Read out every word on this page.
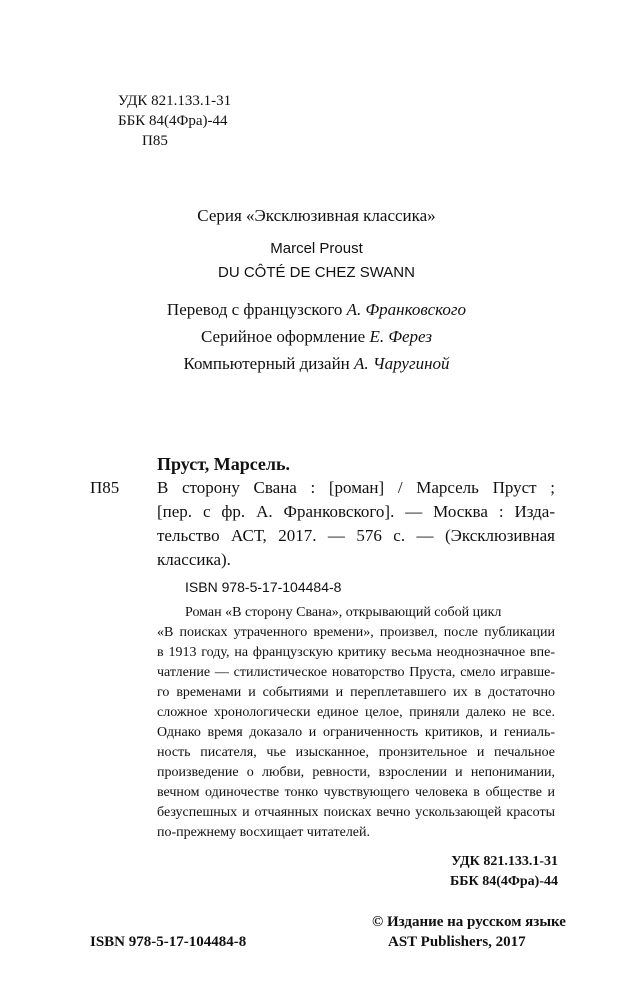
УДК 821.133.1-31
ББК 84(4Фра)-44
П85
Серия «Эксклюзивная классика»
Marcel Proust
DU CÔTÉ DE CHEZ SWANN
Перевод с французского А. Франковского
Серийное оформление Е. Ферез
Компьютерный дизайн А. Чаругиной
Пруст, Марсель.
П85 В сторону Свана : [роман] / Марсель Пруст ;
[пер. с фр. А. Франковского]. — Москва : Изда-
тельство АСТ, 2017. — 576 с. — (Эксклюзивная
классика).
ISBN 978-5-17-104484-8
Роман «В сторону Свана», открывающий собой цикл
«В поисках утраченного времени», произвел, после публикации
в 1913 году, на французскую критику весьма неоднозначное впе-
чатление — стилистическое новаторство Пруста, смело игравше-
го временами и событиями и переплетавшего их в достаточно
сложное хронологически единое целое, приняли далеко не все.
Однако время доказало и ограниченность критиков, и гениаль-
ность писателя, чье изысканное, пронзительное и печальное
произведение о любви, ревности, взрослении и непонимании,
вечном одиночестве тонко чувствующего человека в обществе и
безуспешных и отчаянных поисках вечно ускользающей красоты
по-прежнему восхищает читателей.
УДК 821.133.1-31
ББК 84(4Фра)-44
ISBN 978-5-17-104484-8
© Издание на русском языке
AST Publishers, 2017
